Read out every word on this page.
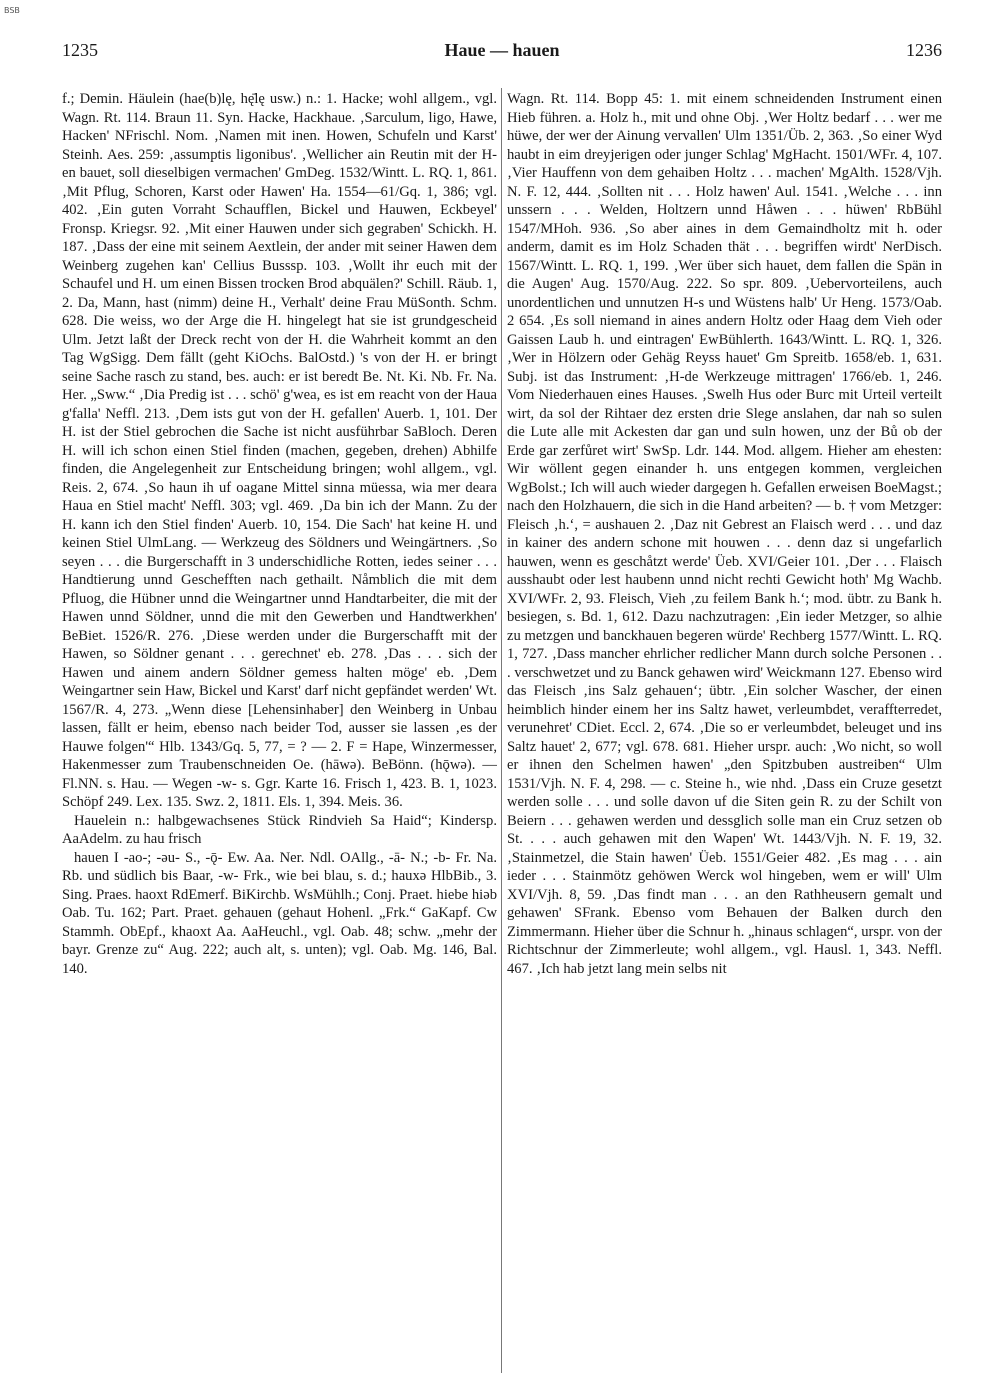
BSB
1235	Haue — hauen	1236

f.; Demin. Häulein (hae(b)lę, hę̄lę usw.) n.: 1. Hacke; wohl allgem., vgl. Wagn. Rt. 114. Braun 11. Syn. Hacke, Hackhaue. ‚Sarculum, ligo, Hawe, Hacken' NFrischl. Nom. ‚Namen mit inen. Howen, Schufeln und Karst' Steinh. Aes. 259: ‚assumptis ligonibus'. ‚Wellicher ain Reutin mit der H-en bauet, soll dieselbigen vermachen' GmDeg. 1532/Wintt. L. RQ. 1, 861. ‚Mit Pflug, Schoren, Karst oder Hawen' Ha. 1554—61/Gq. 1, 386; vgl. 402. ‚Ein guten Vorraht Schaufflen, Bickel und Hauwen, Eckbeyel' Fronsp. Kriegsr. 92. ‚Mit einer Hauwen under sich gegraben' Schickh. H. 187. ‚Dass der eine mit seinem Aextlein, der ander mit seiner Hawen dem Weinberg zugehen kan' Cellius Busssp. 103. ‚Wollt ihr euch mit der Schaufel und H. um einen Bissen trocken Brod abquälen?' Schill. Räub. 1, 2. Da, Mann, hast (nimm) deine H., Verhalt' deine Frau MüSonth. Schm. 628. Die weiss, wo der Arge die H. hingelegt hat sie ist grundgescheid Ulm. Jetzt laßt der Dreck recht von der H. die Wahrheit kommt an den Tag WgSigg. Dem fällt (geht KiOchs. BalOstd.) 's von der H. er bringt seine Sache rasch zu stand, bes. auch: er ist beredt Be. Nt. Ki. Nb. Fr. Na. Her. „Sww.“ ‚Dia Predig ist . . . schö' g'wea, es ist em reacht von der Haua g'falla' Neffl. 213. ‚Dem ists gut von der H. gefallen' Auerb. 1, 101. Der H. ist der Stiel gebrochen die Sache ist nicht ausführbar SaBloch. Deren H. will ich schon einen Stiel finden (machen, gegeben, drehen) Abhilfe finden, die Angelegenheit zur Entscheidung bringen; wohl allgem., vgl. Reis. 2, 674. ‚So haun ih uf oagane Mittel sinna müessa, wia mer deara Haua en Stiel macht' Neffl. 303; vgl. 469. ‚Da bin ich der Mann. Zu der H. kann ich den Stiel finden' Auerb. 10, 154. Die Sach' hat keine H. und keinen Stiel UlmLang. — Werkzeug des Söldners und Weingärtners. ‚So seyen . . . die Burgerschafft in 3 underschidliche Rotten, iedes seiner . . . Handtierung unnd Geschefften nach gethailt. Nåmblich die mit dem Pfluog, die Hübner unnd die Weingartner unnd Handtarbeiter, die mit der Hawen unnd Söldner, unnd die mit den Gewerben und Handtwerkhen' BeBiet. 1526/R. 276. ‚Diese werden under die Burgerschafft mit der Hawen, so Söldner genant . . . gerechnet' eb. 278. ‚Das . . . sich der Hawen und ainem andern Söldner gemess halten möge' eb. ‚Dem Weingartner sein Haw, Bickel und Karst' darf nicht gepfändet werden' Wt. 1567/R. 4, 273. „Wenn diese [Lehensinhaber] den Weinberg in Unbau lassen, fällt er heim, ebenso nach beider Tod, ausser sie lassen ‚es der Hauwe folgen'“ Hlb. 1343/Gq. 5, 77, = ? — 2. F = Hape, Winzermesser, Hakenmesser zum Traubenschneiden Oe. (hāwə). BeBönn. (hǭwə). — Fl.NN. s. Hau. — Wegen -w- s. Ggr. Karte 16. Frisch 1, 423. B. 1, 1023. Schöpf 249. Lex. 135. Swz. 2, 1811. Els. 1, 394. Meis. 36.

Hauelein n.: halbgewachsenes Stück Rindvieh Sa Haid“; Kindersp. AaAdelm. zu hau frisch

hauen I -ao-; -ǝu- S., -ǭ- Ew. Aa. Ner. Ndl. OAllg., -ā- N.; -b- Fr. Na. Rb. und südlich bis Baar, -w- Frk., wie bei blau, s. d.; hauxə HlbBib., 3. Sing. Praes. haoxt RdEmerf. BiKirchb. WsMühlh.; Conj. Praet. hiebe hiəb Oab. Tu. 162; Part. Praet. gehauen (gehaut Hohenl. „Frk.“ GaKapf. Cw Stammh. ObEpf., khaoxt Aa. AaHeuchl., vgl. Oab. 48; schw. „mehr der bayr. Grenze zu“ Aug. 222; auch alt, s. unten); vgl. Oab. Mg. 146, Bal. 140.

Wagn. Rt. 114. Bopp 45: 1. mit einem schneidenden Instrument einen Hieb führen. a. Holz h., mit und ohne Obj. ‚Wer Holtz bedarf . . . wer me hüwe, der wer der Ainung vervallen' Ulm 1351/Üb. 2, 363. ‚So einer Wyd haubt in eim dreyjerigen oder junger Schlag' MgHacht. 1501/WFr. 4, 107. ‚Vier Hauffenn von dem gehaiben Holtz . . . machen' MgAlth. 1528/Vjh. N. F. 12, 444. ‚Sollten nit . . . Holz hawen' Aul. 1541. ‚Welche . . . inn unssern . . . Welden, Holtzern unnd Håwen . . . hüwen' RbBühl 1547/MHoh. 936. ‚So aber aines in dem Gemaindholtz mit h. oder anderm, damit es im Holz Schaden thät . . . begriffen wirdt' NerDisch. 1567/Wintt. L. RQ. 1, 199. ‚Wer über sich hauet, dem fallen die Spän in die Augen' Aug. 1570/Aug. 222. So spr. 809. ‚Uebervorteilens, auch unordentlichen und unnutzen H-s und Wüstens halb' Ur Heng. 1573/Oab. 2 654. ‚Es soll niemand in aines andern Holtz oder Haag dem Vieh oder Gaissen Laub h. und eintragen' EwBühlerth. 1643/Wintt. L. RQ. 1, 326. ‚Wer in Hölzern oder Gehäg Reyss hauet' Gm Spreitb. 1658/eb. 1, 631. Subj. ist das Instrument: ‚H-de Werkzeuge mittragen' 1766/eb. 1, 246. Vom Niederhauen eines Hauses. ‚Swelh Hus oder Burc mit Urteil verteilt wirt, da sol der Rihtaer dez ersten drie Slege anslahen, dar nah so sulen die Lute alle mit Ackesten dar gan und suln howen, unz der Bů ob der Erde gar zerfůret wirt' SwSp. Ldr. 144. Mod. allgem. Hieher am ehesten: Wir wöllent gegen einander h. uns entgegen kommen, vergleichen WgBolst.; Ich will auch wieder dargegen h. Gefallen erweisen BoeMagst.; nach den Holzhauern, die sich in die Hand arbeiten? — b. † vom Metzger: Fleisch ‚h.‘, = aushauen 2. ‚Daz nit Gebrest an Flaisch werd . . . und daz in kainer des andern schone mit houwen . . . denn daz si ungefarlich hauwen, wenn es geschåtzt werde' Üeb. XVI/Geier 101. ‚Der . . . Flaisch ausshaubt oder lest haubenn unnd nicht rechti Gewicht hoth' Mg Wachb. XVI/WFr. 2, 93. Fleisch, Vieh ‚zu feilem Bank h.‘; mod. übtr. zu Bank h. besiegen, s. Bd. 1, 612. Dazu nachzutragen: ‚Ein ieder Metzger, so alhie zu metzgen und banckhauen begeren würde' Rechberg 1577/Wintt. L. RQ. 1, 727. ‚Dass mancher ehrlicher redlicher Mann durch solche Personen . . . verschwetzet und zu Banck gehawen wird' Weickmann 127. Ebenso wird das Fleisch ‚ins Salz gehauen‘; übtr. ‚Ein solcher Wascher, der einen heimblich hinder einem her ins Saltz hawet, verleumbdet, veraffterredet, verunehret' CDiet. Eccl. 2, 674. ‚Die so er verleumbdet, beleuget und ins Saltz hauet' 2, 677; vgl. 678. 681. Hieher urspr. auch: ‚Wo nicht, so woll er ihnen den Schelmen hawen' „den Spitzbuben austreiben“ Ulm 1531/Vjh. N. F. 4, 298. — c. Steine h., wie nhd. ‚Dass ein Cruze gesetzt werden solle . . . und solle davon uf die Siten gein R. zu der Schilt von Beiern . . . gehawen werden und dessglich solle man ein Cruz setzen ob St. . . . auch gehawen mit den Wapen' Wt. 1443/Vjh. N. F. 19, 32. ‚Stainmetzel, die Stain hawen' Üeb. 1551/Geier 482. ‚Es mag . . . ain ieder . . . Stainmötz gehöwen Werck wol hingeben, wem er will' Ulm XVI/Vjh. 8, 59. ‚Das findt man . . . an den Rathheusern gemalt und gehawen' SFrank. Ebenso vom Behauen der Balken durch den Zimmermann. Hieher über die Schnur h. „hinaus schlagen“, urspr. von der Richtschnur der Zimmerleute; wohl allgem., vgl. Hausl. 1, 343. Neffl. 467. ‚Ich hab jetzt lang mein selbs nit
